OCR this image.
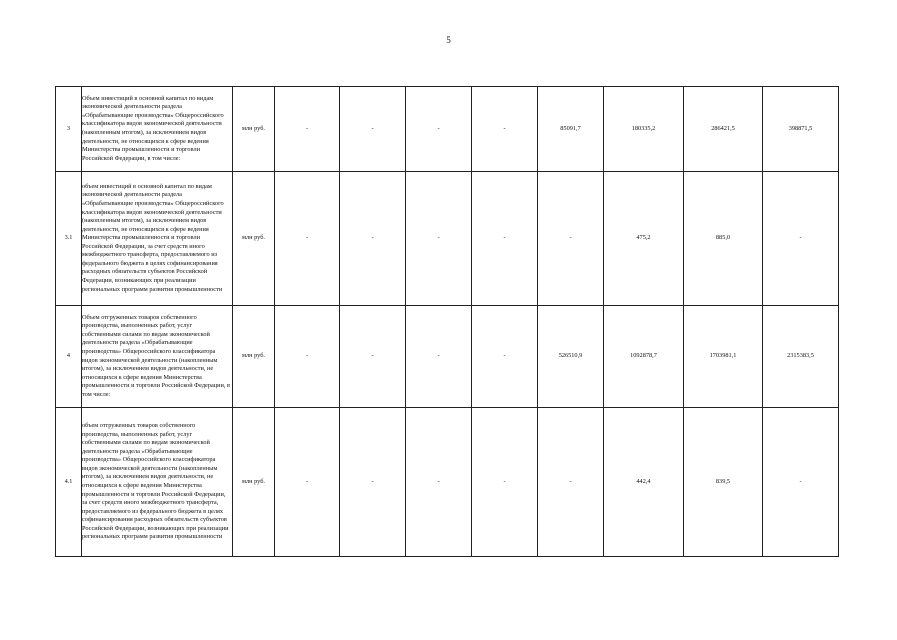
5
3	Объем инвестиций в основной капитал по видам экономической деятельности раздела «Обрабатывающие производства» Общероссийского классификатора видов экономической деятельности (накопленным итогом), за исключением видов деятельности, не относящихся к сфере ведения Министерства промышленности и торговли Российской Федерации, в том числе:	млн руб.	-	-	-	-	85091,7	180335,2	286421,5	398871,5
3.1	объем инвестиций в основной капитал по видам экономической деятельности раздела «Обрабатывающие производства» Общероссийского классификатора видов экономической деятельности (накопленным итогом), за исключением видов деятельности, не относящихся к сфере ведения Министерства промышленности и торговли Российской Федерации, за счет средств иного межбюджетного трансферта, предоставляемого из федерального бюджета в целях софинансирования расходных обязательств субъектов Российской Федерации, возникающих при реализации региональных программ развития промышленности	млн руб.	-	-	-	-	-	475,2	885,0	-
4	Объем отгруженных товаров собственного производства, выполненных работ, услуг собственными силами по видам экономической деятельности раздела «Обрабатывающие производства» Общероссийского классификатора видов экономической деятельности (накопленным итогом), за исключением видов деятельности, не относящихся к сфере ведения Министерства промышленности и торговли Российской Федерации, в том числе:	млн руб.	-	-	-	-	526510,9	1092878,7	1703981,1	2315383,5
4.1	объем отгруженных товаров собственного производства, выполненных работ, услуг собственными силами по видам экономической деятельности раздела «Обрабатывающие производства» Общероссийского классификатора видов экономической деятельности (накопленным итогом), за исключением видов деятельности, не относящихся к сфере ведения Министерства промышленности и торговли Российской Федерации, за счет средств иного межбюджетного трансферта, предоставляемого из федерального бюджета в целях софинансирования расходных обязательств субъектов Российской Федерации, возникающих при реализации региональных программ развития промышленности	млн руб.	-	-	-	-	-	442,4	839,5	-
